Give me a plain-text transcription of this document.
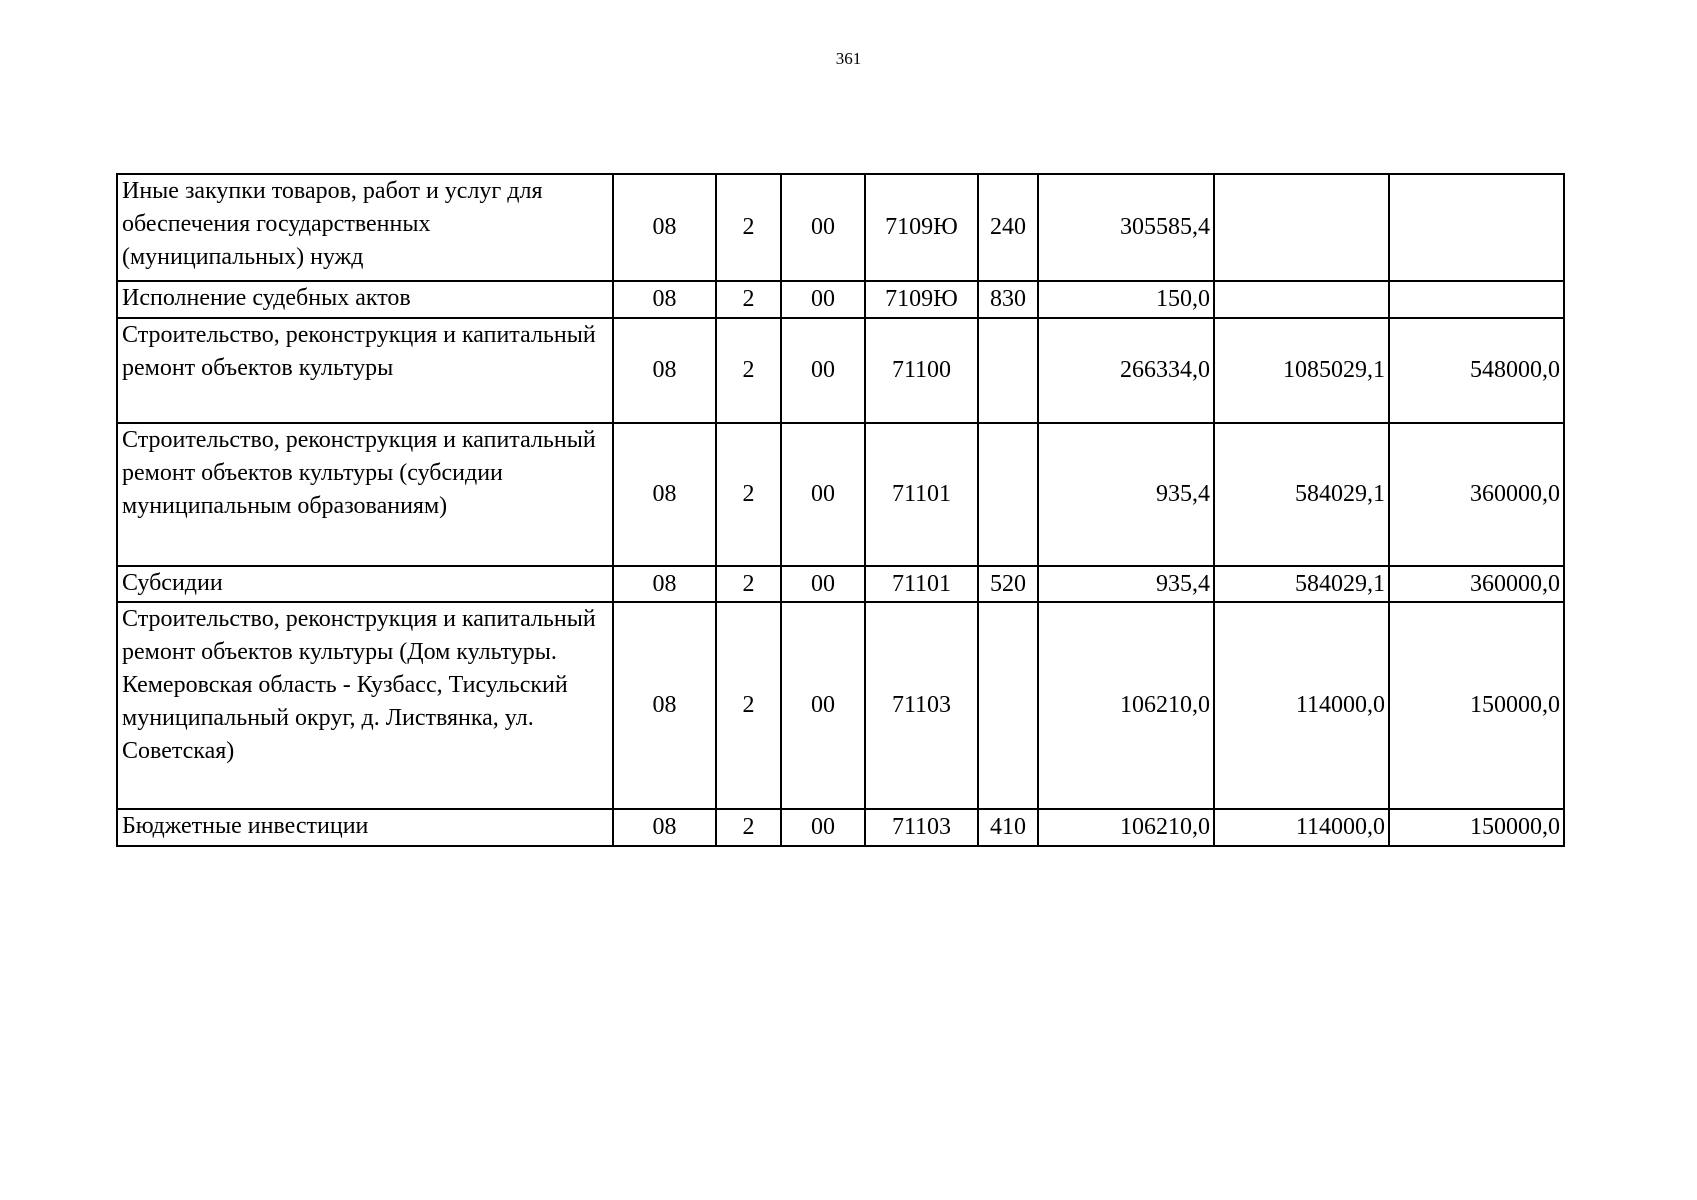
361
Иные закупки товаров, работ и услуг для обеспечения государственных (муниципальных) нужд	08	2	00	7109Ю	240	305585,4		
Исполнение судебных актов	08	2	00	7109Ю	830	150,0		
Строительство, реконструкция и капитальный ремонт объектов культуры	08	2	00	71100		266334,0	1085029,1	548000,0
Строительство, реконструкция и капитальный ремонт объектов культуры (субсидии муниципальным образованиям)	08	2	00	71101		935,4	584029,1	360000,0
Субсидии	08	2	00	71101	520	935,4	584029,1	360000,0
Строительство, реконструкция и капитальный ремонт объектов культуры (Дом культуры. Кемеровская область - Кузбасс, Тисульский муниципальный округ, д. Листвянка, ул. Советская)	08	2	00	71103		106210,0	114000,0	150000,0
Бюджетные инвестиции	08	2	00	71103	410	106210,0	114000,0	150000,0
